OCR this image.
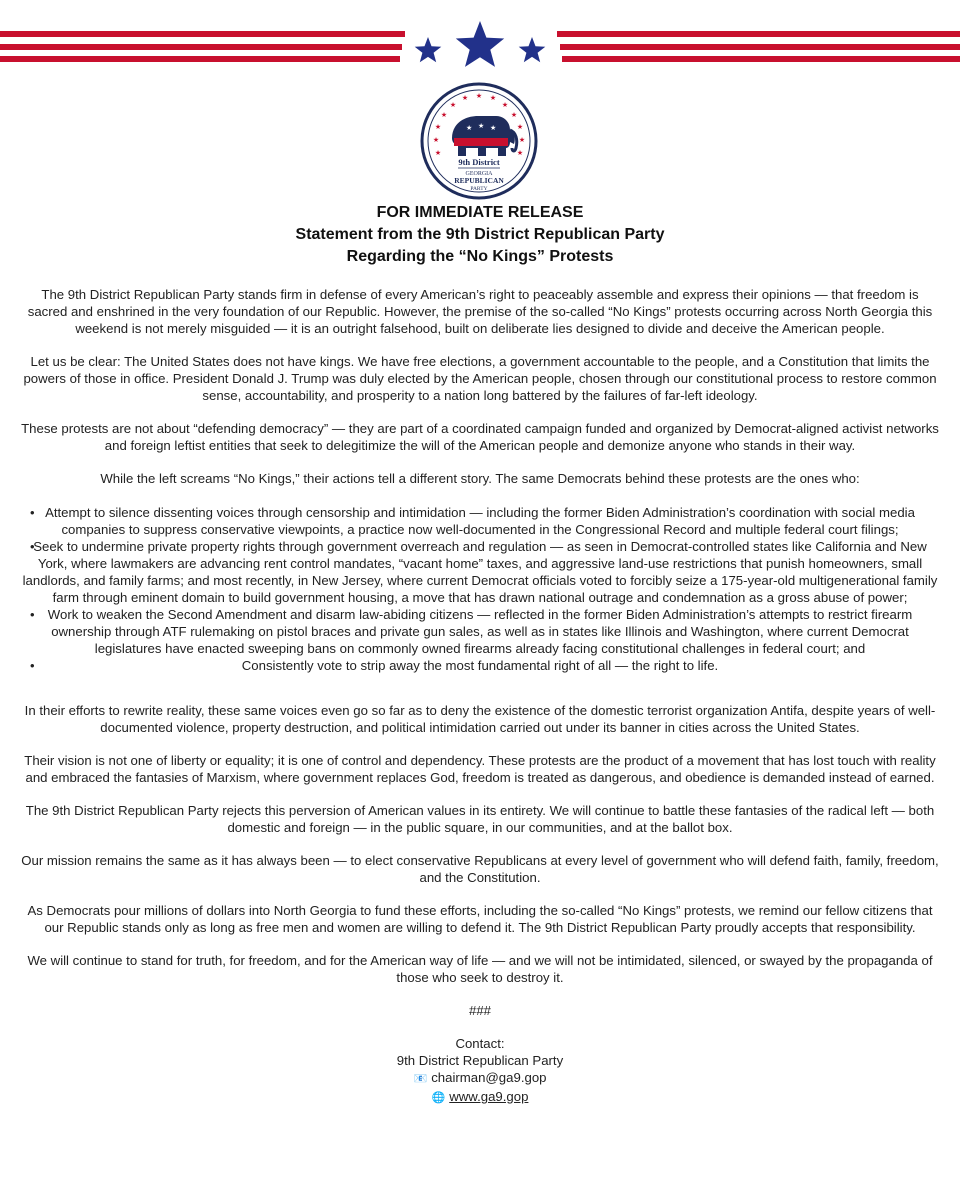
★
★	★
★	★
★	★
★	★
★	★
★	★
★ ★ ★
9th District
GEORGIA
REPUBLICAN
PARTY
FOR IMMEDIATE RELEASE
Statement from the 9th District Republican Party
Regarding the “No Kings” Protests

The 9th District Republican Party stands firm in defense of every American’s right to peaceably assemble and express their opinions — that freedom is sacred and enshrined in the very foundation of our Republic. However, the premise of the so-called “No Kings” protests occurring across North Georgia this weekend is not merely misguided — it is an outright falsehood, built on deliberate lies designed to divide and deceive the American people.

Let us be clear: The United States does not have kings. We have free elections, a government accountable to the people, and a Constitution that limits the powers of those in office. President Donald J. Trump was duly elected by the American people, chosen through our constitutional process to restore common sense, accountability, and prosperity to a nation long battered by the failures of far-left ideology.

These protests are not about “defending democracy” — they are part of a coordinated campaign funded and organized by Democrat-aligned activist networks and foreign leftist entities that seek to delegitimize the will of the American people and demonize anyone who stands in their way.

While the left screams “No Kings,” their actions tell a different story. The same Democrats behind these protests are the ones who:

• Attempt to silence dissenting voices through censorship and intimidation — including the former Biden Administration’s coordination with social media companies to suppress conservative viewpoints, a practice now well-documented in the Congressional Record and multiple federal court filings;
•
Seek to undermine private property rights through government overreach and regulation — as seen in Democrat-controlled states like California and New York, where lawmakers are advancing rent control mandates, “vacant home” taxes, and aggressive land-use restrictions that punish homeowners, small landlords, and family farms; and most recently, in New Jersey, where current Democrat officials voted to forcibly seize a 175-year-old multigenerational family farm through eminent domain to build government housing, a move that has drawn national outrage and condemnation as a gross abuse of power;
• Work to weaken the Second Amendment and disarm law-abiding citizens — reflected in the former Biden Administration’s attempts to restrict firearm ownership through ATF rulemaking on pistol braces and private gun sales, as well as in states like Illinois and Washington, where current Democrat legislatures have enacted sweeping bans on commonly owned firearms already facing constitutional challenges in federal court; and
•	Consistently vote to strip away the most fundamental right of all — the right to life.

In their efforts to rewrite reality, these same voices even go so far as to deny the existence of the domestic terrorist organization Antifa, despite years of well-documented violence, property destruction, and political intimidation carried out under its banner in cities across the United States.

Their vision is not one of liberty or equality; it is one of control and dependency. These protests are the product of a movement that has lost touch with reality and embraced the fantasies of Marxism, where government replaces God, freedom is treated as dangerous, and obedience is demanded instead of earned.

The 9th District Republican Party rejects this perversion of American values in its entirety. We will continue to battle these fantasies of the radical left — both domestic and foreign — in the public square, in our communities, and at the ballot box.

Our mission remains the same as it has always been — to elect conservative Republicans at every level of government who will defend faith, family, freedom, and the Constitution.

As Democrats pour millions of dollars into North Georgia to fund these efforts, including the so-called “No Kings” protests, we remind our fellow citizens that our Republic stands only as long as free men and women are willing to defend it. The 9th District Republican Party proudly accepts that responsibility.

We will continue to stand for truth, for freedom, and for the American way of life — and we will not be intimidated, silenced, or swayed by the propaganda of those who seek to destroy it.

###

Contact:
9th District Republican Party
📧 chairman@ga9.gop
🌐 www.ga9.gop
